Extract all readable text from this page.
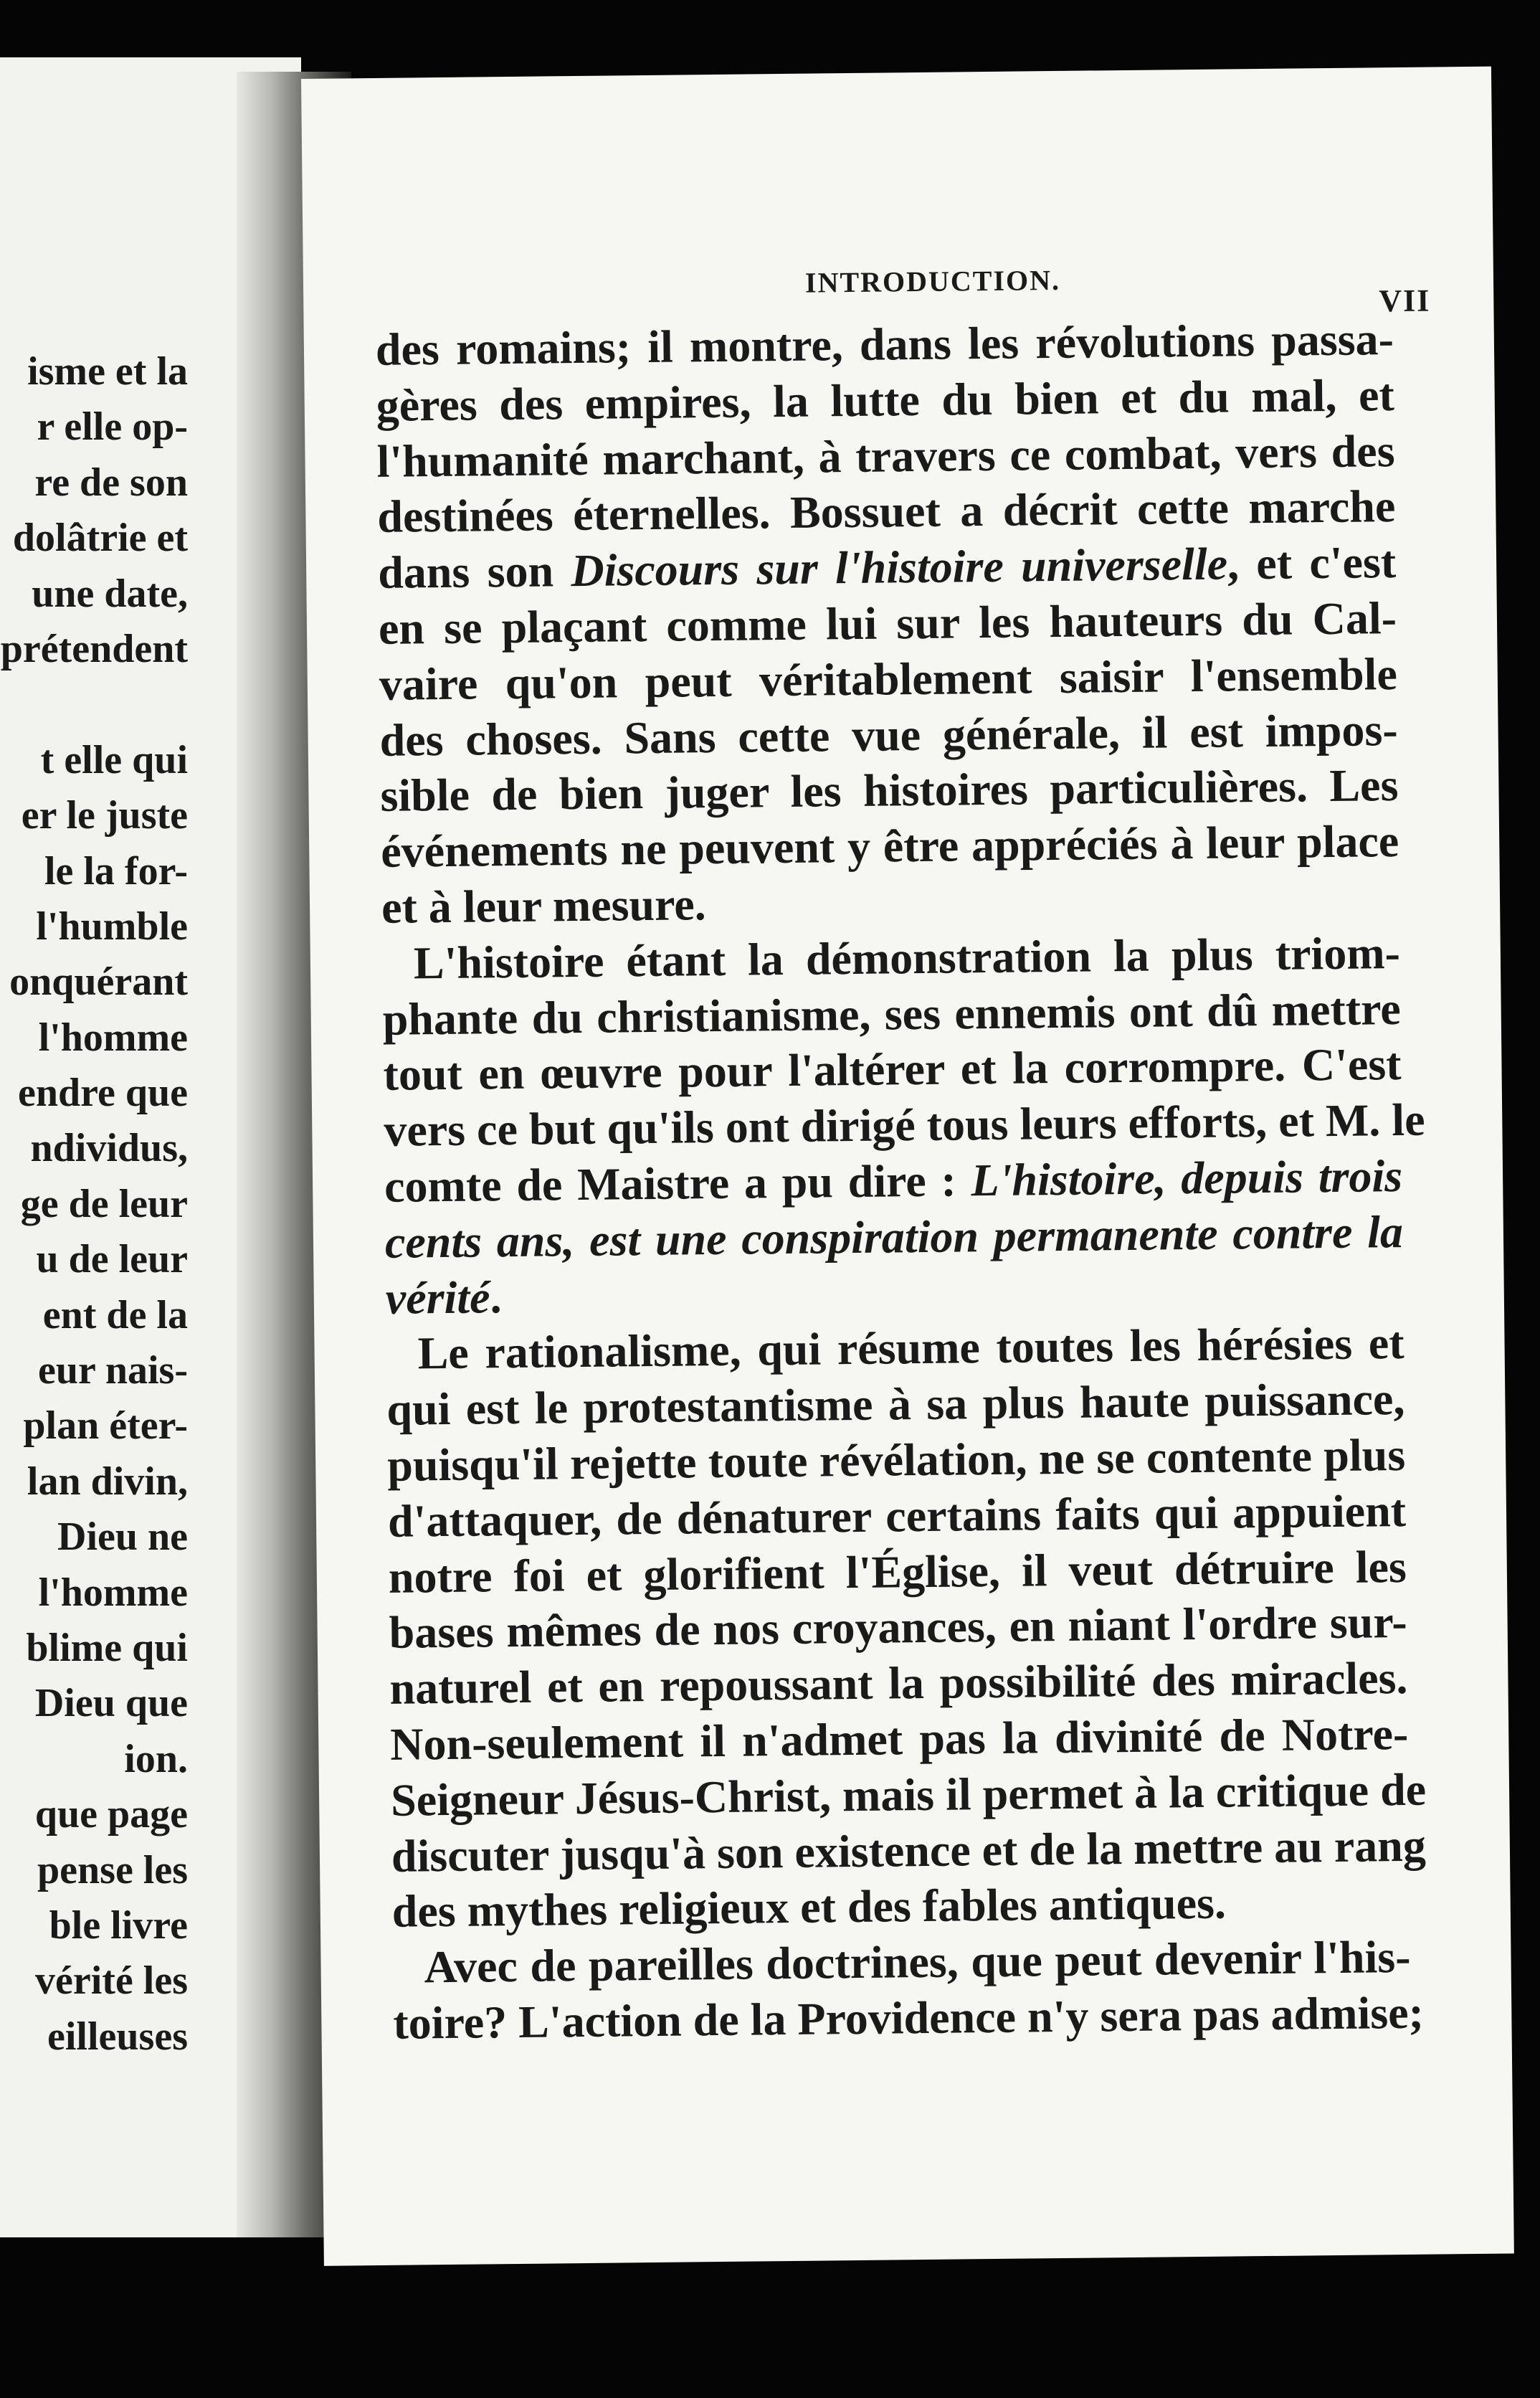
isme et la
r elle op-
re de son
dolâtrie et
une date,
prétendent
t elle qui
er le juste
le la for-
l'humble
onquérant
l'homme
endre que
ndividus,
ge de leur
u de leur
ent de la
eur nais-
plan éter-
lan divin,
Dieu ne
l'homme
blime qui
Dieu que
ion.
que page
pense les
ble livre
vérité les
eilleuses
INTRODUCTION.
VII
des romains; il montre, dans les révolutions passa-
gères des empires, la lutte du bien et du mal, et
l'humanité marchant, à travers ce combat, vers des
destinées éternelles. Bossuet a décrit cette marche
dans son Discours sur l'histoire universelle, et c'est
en se plaçant comme lui sur les hauteurs du Cal-
vaire qu'on peut véritablement saisir l'ensemble
des choses. Sans cette vue générale, il est impos-
sible de bien juger les histoires particulières. Les
événements ne peuvent y être appréciés à leur place
et à leur mesure.
L'histoire étant la démonstration la plus triom-
phante du christianisme, ses ennemis ont dû mettre
tout en œuvre pour l'altérer et la corrompre. C'est
vers ce but qu'ils ont dirigé tous leurs efforts, et M. le
comte de Maistre a pu dire : L'histoire, depuis trois
cents ans, est une conspiration permanente contre la
vérité.
Le rationalisme, qui résume toutes les hérésies et
qui est le protestantisme à sa plus haute puissance,
puisqu'il rejette toute révélation, ne se contente plus
d'attaquer, de dénaturer certains faits qui appuient
notre foi et glorifient l'Église, il veut détruire les
bases mêmes de nos croyances, en niant l'ordre sur-
naturel et en repoussant la possibilité des miracles.
Non-seulement il n'admet pas la divinité de Notre-
Seigneur Jésus-Christ, mais il permet à la critique de
discuter jusqu'à son existence et de la mettre au rang
des mythes religieux et des fables antiques.
Avec de pareilles doctrines, que peut devenir l'his-
toire? L'action de la Providence n'y sera pas admise;
